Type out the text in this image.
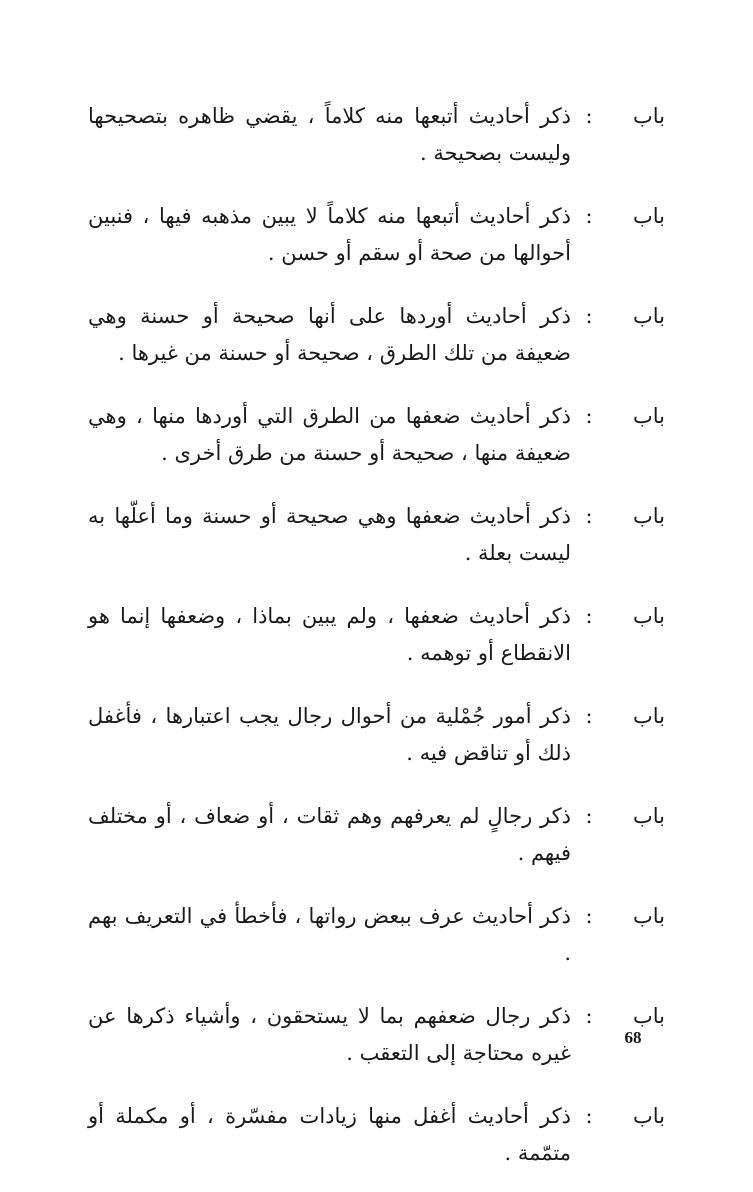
باب
:
ذكر أحاديث أتبعها منه كلاماً ، يقضي ظاهره بتصحيحها وليست بصحيحة .
باب
:
ذكر أحاديث أتبعها منه كلاماً لا يبين مذهبه فيها ، فنبين أحوالها من صحة أو سقم أو حسن .
باب
:
ذكر أحاديث أوردها على أنها صحيحة أو حسنة وهي ضعيفة من تلك الطرق ، صحيحة أو حسنة من غيرها .
باب
:
ذكر أحاديث ضعفها من الطرق التي أوردها منها ، وهي ضعيفة منها ، صحيحة أو حسنة من طرق أخرى .
باب
:
ذكر أحاديث ضعفها وهي صحيحة أو حسنة وما أعلّها به ليست بعلة .
باب
:
ذكر أحاديث ضعفها ، ولم يبين بماذا ، وضعفها إنما هو الانقطاع أو توهمه .
باب
:
ذكر أمور جُمْلية من أحوال رجال يجب اعتبارها ، فأغفل ذلك أو تناقض فيه .
باب
:
ذكر رجالٍ لم يعرفهم وهم ثقات ، أو ضعاف ، أو مختلف فيهم .
باب
:
ذكر أحاديث عرف ببعض رواتها ، فأخطأ في التعريف بهم .
باب
:
ذكر رجال ضعفهم بما لا يستحقون ، وأشياء ذكرها عن غيره محتاجة إلى التعقب .
باب
:
ذكر أحاديث أغفل منها زيادات مفسّرة ، أو مكملة أو متمّمة .
68
